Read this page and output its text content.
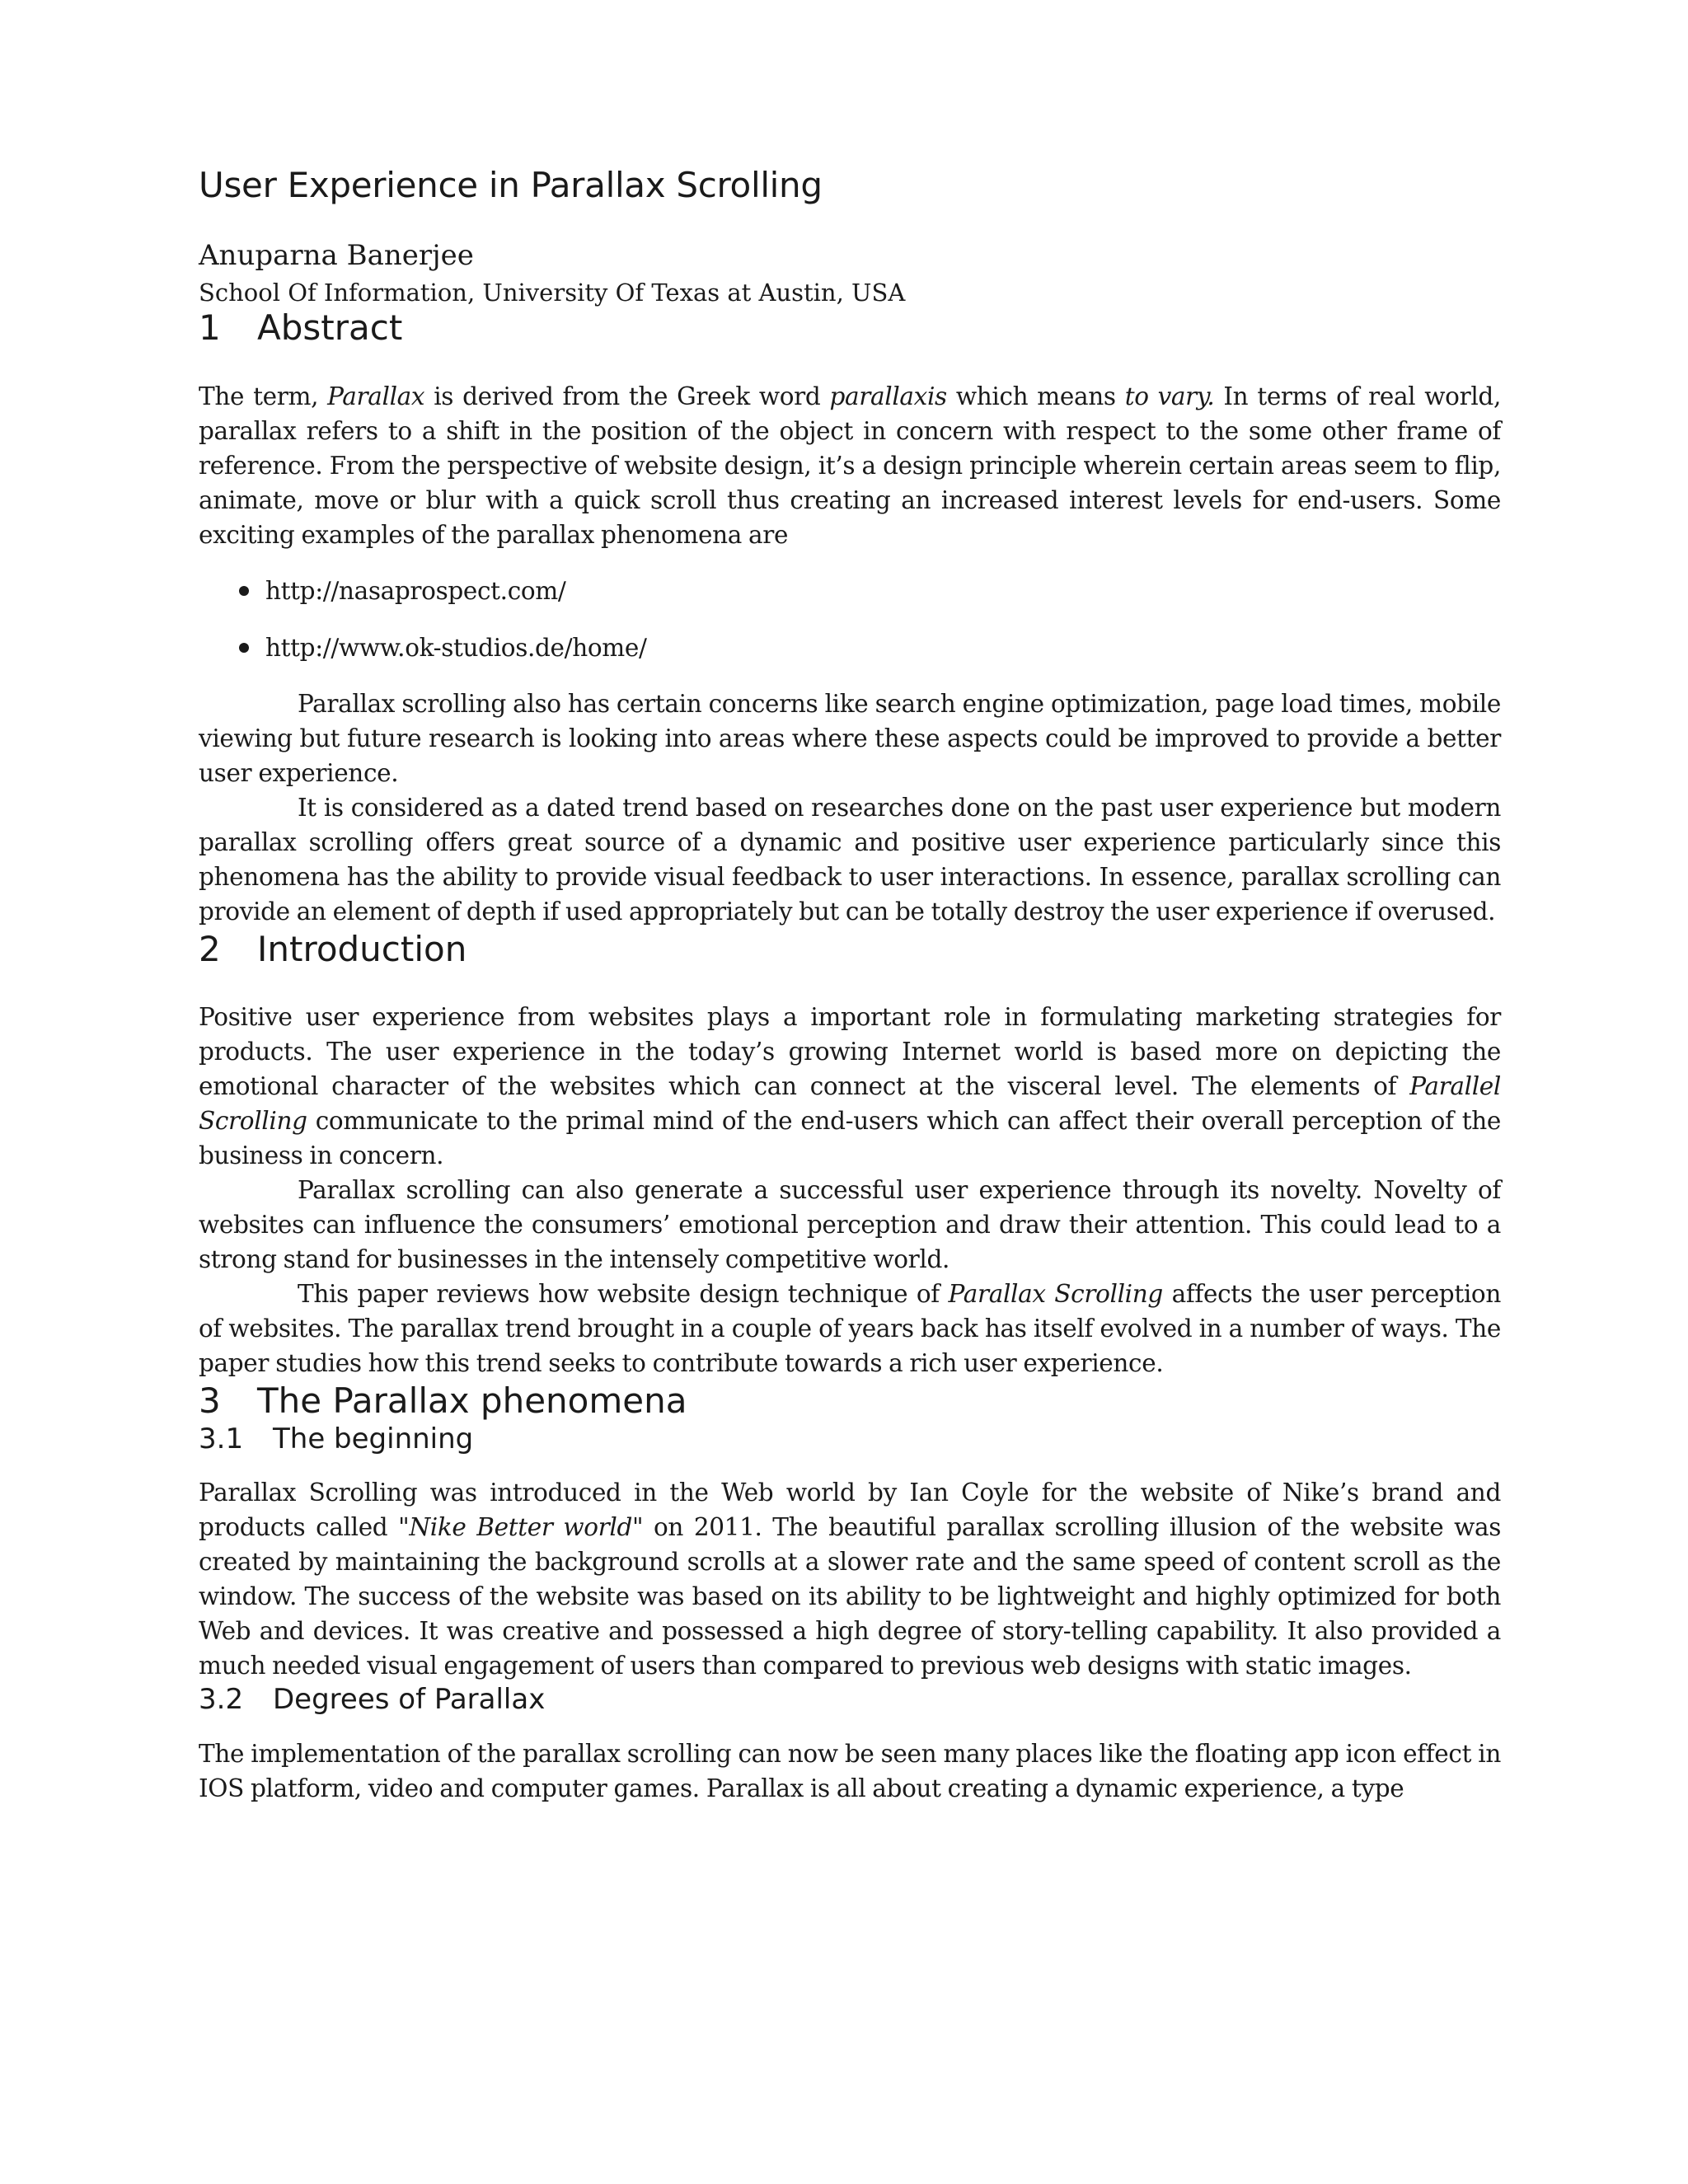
User Experience in Parallax Scrolling
Anuparna Banerjee
School Of Information, University Of Texas at Austin, USA
1	Abstract

The term, Parallax is derived from the Greek word parallaxis which means to vary. In terms of real world, parallax refers to a shift in the position of the object in concern with respect to the some other frame of reference. From the perspective of website design, it’s a design principle wherein certain areas seem to flip, animate, move or blur with a quick scroll thus creating an increased interest levels for end-users. Some exciting examples of the parallax phenomena are

http://nasaprospect.com/
http://www.ok-studios.de/home/

Parallax scrolling also has certain concerns like search engine optimization, page load times, mobile viewing but future research is looking into areas where these aspects could be improved to provide a better user experience.

It is considered as a dated trend based on researches done on the past user experience but modern parallax scrolling offers great source of a dynamic and positive user experience particularly since this phenomena has the ability to provide visual feedback to user interactions. In essence, parallax scrolling can provide an element of depth if used appropriately but can be totally destroy the user experience if overused.

2	Introduction

Positive user experience from websites plays a important role in formulating marketing strategies for products. The user experience in the today’s growing Internet world is based more on depicting the emotional character of the websites which can connect at the visceral level. The elements of Parallel Scrolling communicate to the primal mind of the end-users which can affect their overall perception of the business in concern.

Parallax scrolling can also generate a successful user experience through its novelty. Novelty of websites can influence the consumers’ emotional perception and draw their attention. This could lead to a strong stand for businesses in the intensely competitive world.

This paper reviews how website design technique of Parallax Scrolling affects the user perception of websites. The parallax trend brought in a couple of years back has itself evolved in a number of ways. The paper studies how this trend seeks to contribute towards a rich user experience.

3	The Parallax phenomena
3.1	The beginning

Parallax Scrolling was introduced in the Web world by Ian Coyle for the website of Nike’s brand and products called "Nike Better world" on 2011. The beautiful parallax scrolling illusion of the website was created by maintaining the background scrolls at a slower rate and the same speed of content scroll as the window. The success of the website was based on its ability to be lightweight and highly optimized for both Web and devices. It was creative and possessed a high degree of story-telling capability. It also provided a much needed visual engagement of users than compared to previous web designs with static images.

3.2	Degrees of Parallax

The implementation of the parallax scrolling can now be seen many places like the floating app icon effect in IOS platform, video and computer games. Parallax is all about creating a dynamic experience, a type
